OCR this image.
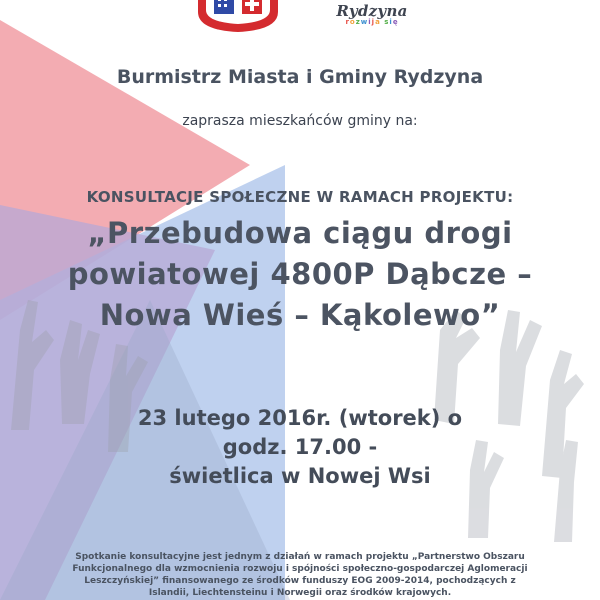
Rydzyna
rozwija się
Burmistrz Miasta i Gminy Rydzyna
zaprasza mieszkańców gminy na:
KONSULTACJE SPOŁECZNE W RAMACH PROJEKTU:
„Przebudowa ciągu drogi
powiatowej 4800P Dąbcze –
Nowa Wieś – Kąkolewo”
23 lutego 2016r. (wtorek) o
godz. 17.00 -
świetlica w Nowej Wsi
Spotkanie konsultacyjne jest jednym z działań w ramach projektu „Partnerstwo Obszaru
Funkcjonalnego dla wzmocnienia rozwoju i spójności społeczno-gospodarczej Aglomeracji
Leszczyńskiej” finansowanego ze środków funduszy EOG 2009-2014, pochodzących z
Islandii, Liechtensteinu i Norwegii oraz środków krajowych.
